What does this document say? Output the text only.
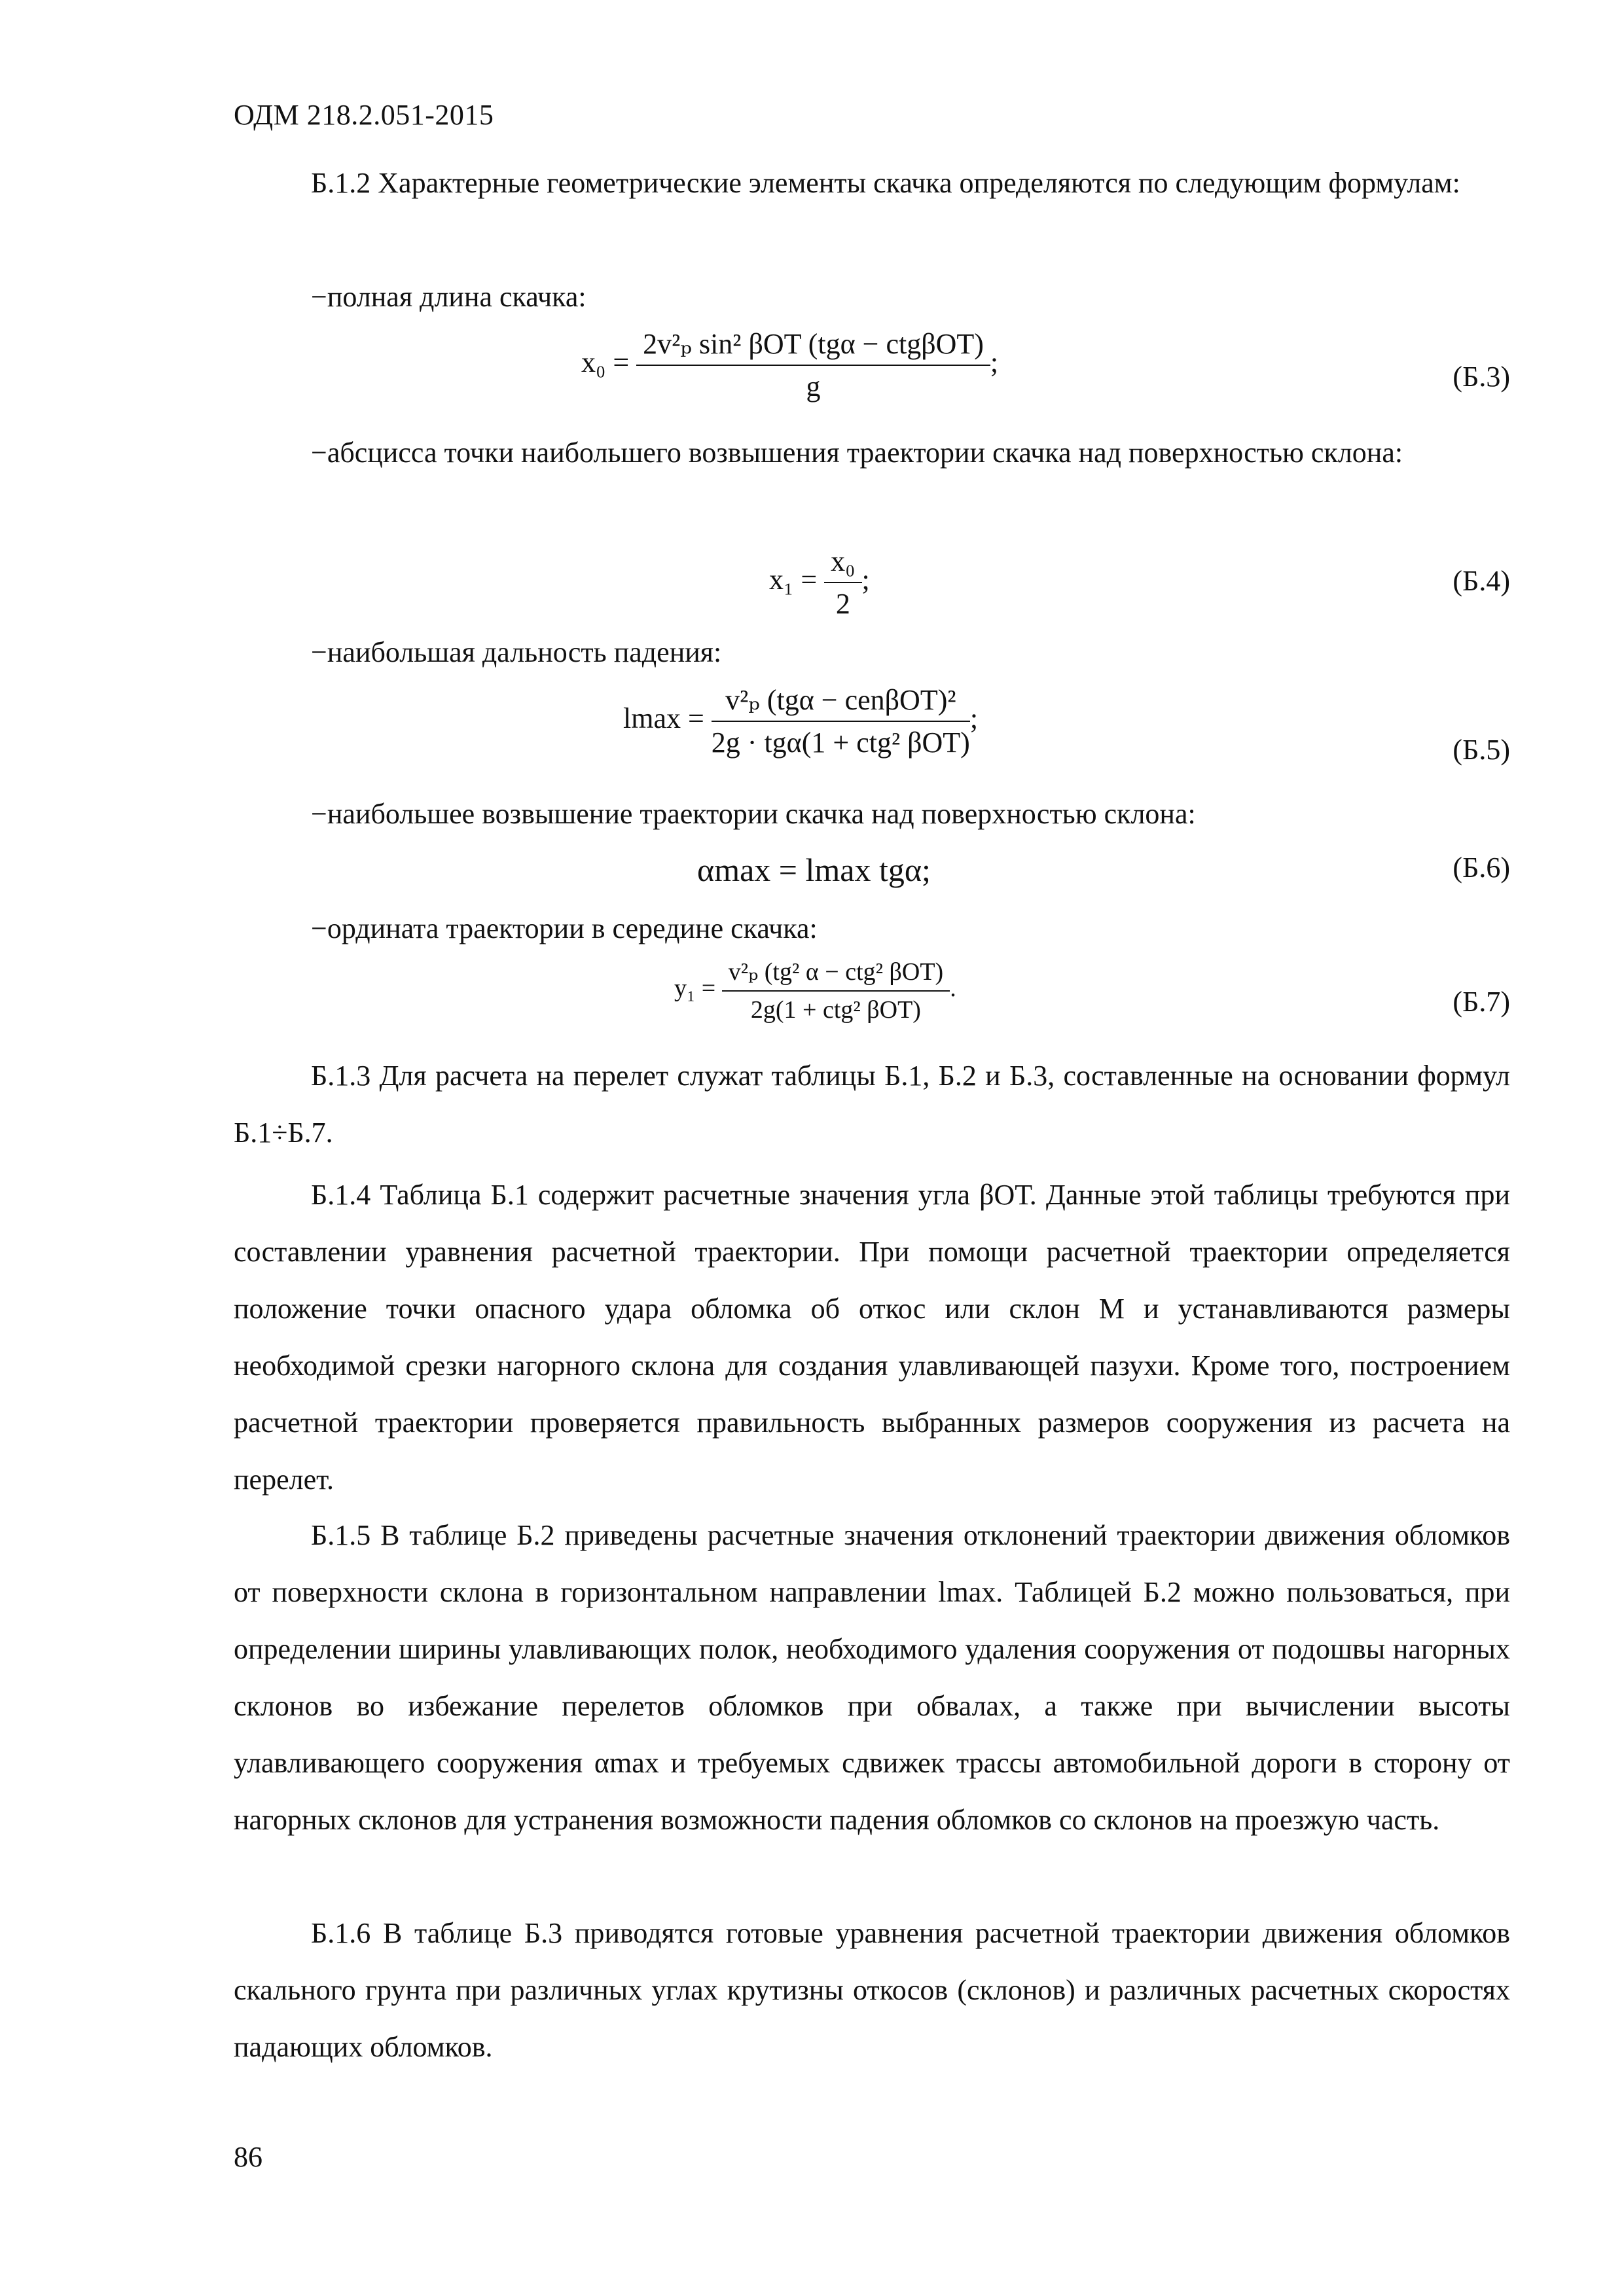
ОДМ 218.2.051-2015
Б.1.2 Характерные геометрические элементы скачка определяются по следующим формулам:
−полная длина скачка:
$x_0 = \frac{\text{2v²ₚ sin² βOT (tgα − ctgβOT)}}{g}$ ;	(Б.3)
−абсцисса точки наибольшего возвышения траектории скачка над поверхностью склона:
$x_1 = \frac{\text{x₀}}{2}$ ;	(Б.4)
−наибольшая дальность падения:
$lmax = \frac{\text{v²ₚ (tgα − cenβOT)²}}{\text{2g · tgα(1 + ctg² βOT)}}$ ;
(Б.5)
−наибольшее возвышение траектории скачка над поверхностью склона:
αmax = lmax tgα;	(Б.6)
−ордината траектории в середине скачка:
$y_1 = \frac{\text{v²ₚ (tg² α − ctg² βOT)}}{\text{2g(1 + ctg² βOT)}}$ .	(Б.7)
Б.1.3 Для расчета на перелет служат таблицы Б.1, Б.2 и Б.3, составленные на основании формул Б.1÷Б.7.
Б.1.4 Таблица Б.1 содержит расчетные значения угла βОТ. Данные этой таблицы требуются при составлении уравнения расчетной траектории. При помощи расчетной траектории определяется положение точки опасного удара обломка об откос или склон M и устанавливаются размеры необходимой срезки нагорного склона для создания улавливающей пазухи. Кроме того, построением расчетной траектории проверяется правильность выбранных размеров сооружения из расчета на перелет.
Б.1.5 В таблице Б.2 приведены расчетные значения отклонений траектории движения обломков от поверхности склона в горизонтальном направлении lmax. Таблицей Б.2 можно пользоваться, при определении ширины улавливающих полок, необходимого удаления сооружения от подошвы нагорных склонов во избежание перелетов обломков при обвалах, а также при вычислении высоты улавливающего сооружения αmax и требуемых сдвижек трассы автомобильной дороги в сторону от нагорных склонов для устранения возможности падения обломков со склонов на проезжую часть.
Б.1.6 В таблице Б.3 приводятся готовые уравнения расчетной траектории движения обломков скального грунта при различных углах крутизны откосов (склонов) и различных расчетных скоростях падающих обломков.
86
